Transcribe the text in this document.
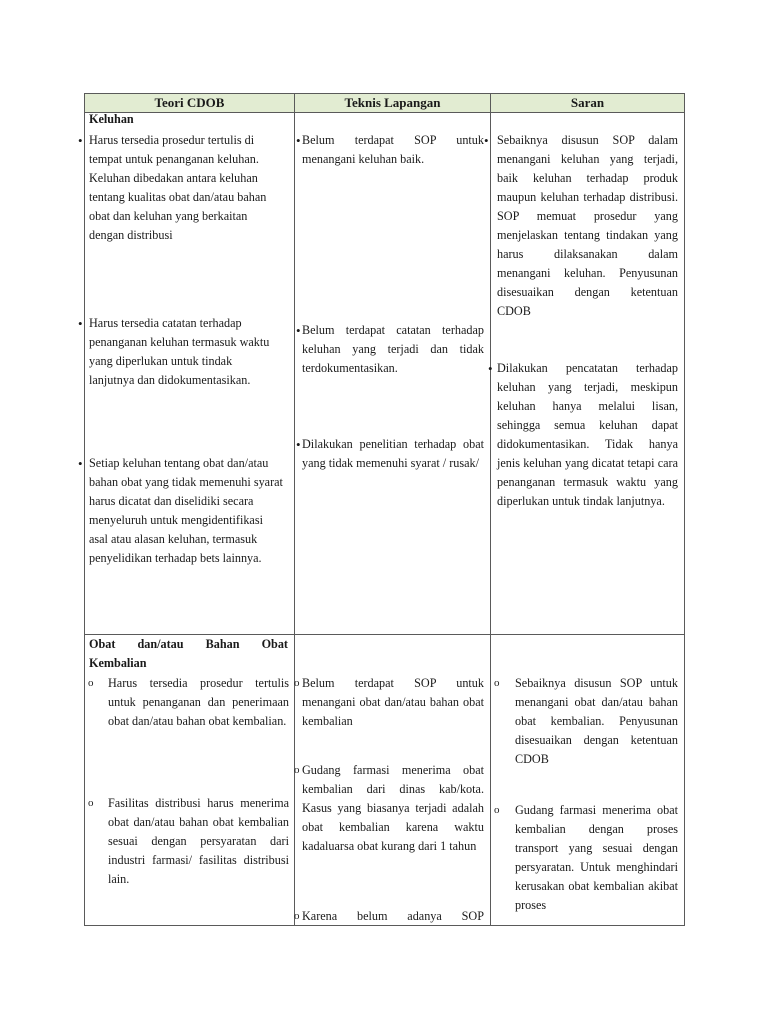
Teori CDOB	Teknis Lapangan	Saran
Keluhan
• Harus tersedia prosedur tertulis di tempat untuk penanganan keluhan. Keluhan dibedakan antara keluhan tentang kualitas obat dan/atau bahan obat dan keluhan yang berkaitan dengan distribusi
• Harus tersedia catatan terhadap penanganan keluhan termasuk waktu yang diperlukan untuk tindak lanjutnya dan didokumentasikan.
• Setiap keluhan tentang obat dan/atau bahan obat yang tidak memenuhi syarat harus dicatat dan diselidiki secara menyeluruh untuk mengidentifikasi asal atau alasan keluhan, termasuk penyelidikan terhadap bets lainnya.
• Belum terdapat SOP untuk menangani keluhan baik.
• Belum terdapat catatan terhadap keluhan yang terjadi dan tidak terdokumentasikan.
• Dilakukan penelitian terhadap obat yang tidak memenuhi syarat / rusak/
• Sebaiknya disusun SOP dalam menangani keluhan yang terjadi, baik keluhan terhadap produk maupun keluhan terhadap distribusi. SOP memuat prosedur yang menjelaskan tentang tindakan yang harus dilaksanakan dalam menangani keluhan. Penyusunan disesuaikan dengan ketentuan CDOB
• Dilakukan pencatatan terhadap keluhan yang terjadi, meskipun keluhan hanya melalui lisan, sehingga semua keluhan dapat didokumentasikan. Tidak hanya jenis keluhan yang dicatat tetapi cara penanganan termasuk waktu yang diperlukan untuk tindak lanjutnya.
Obat dan/atau Bahan Obat
Kembalian
o Harus tersedia prosedur tertulis untuk penanganan dan penerimaan obat dan/atau bahan obat kembalian.
o Fasilitas distribusi harus menerima obat dan/atau bahan obat kembalian sesuai dengan persyaratan dari industri farmasi/ fasilitas distribusi lain.
o Belum terdapat SOP untuk menangani obat dan/atau bahan obat kembalian
o Gudang farmasi menerima obat kembalian dari dinas kab/kota. Kasus yang biasanya terjadi adalah obat kembalian karena waktu kadaluarsa obat kurang dari 1 tahun
o Karena belum adanya SOP
o Sebaiknya disusun SOP untuk menangani obat dan/atau bahan obat kembalian. Penyusunan disesuaikan dengan ketentuan CDOB
o Gudang farmasi menerima obat kembalian dengan proses transport yang sesuai dengan persyaratan. Untuk menghindari kerusakan obat kembalian akibat proses
